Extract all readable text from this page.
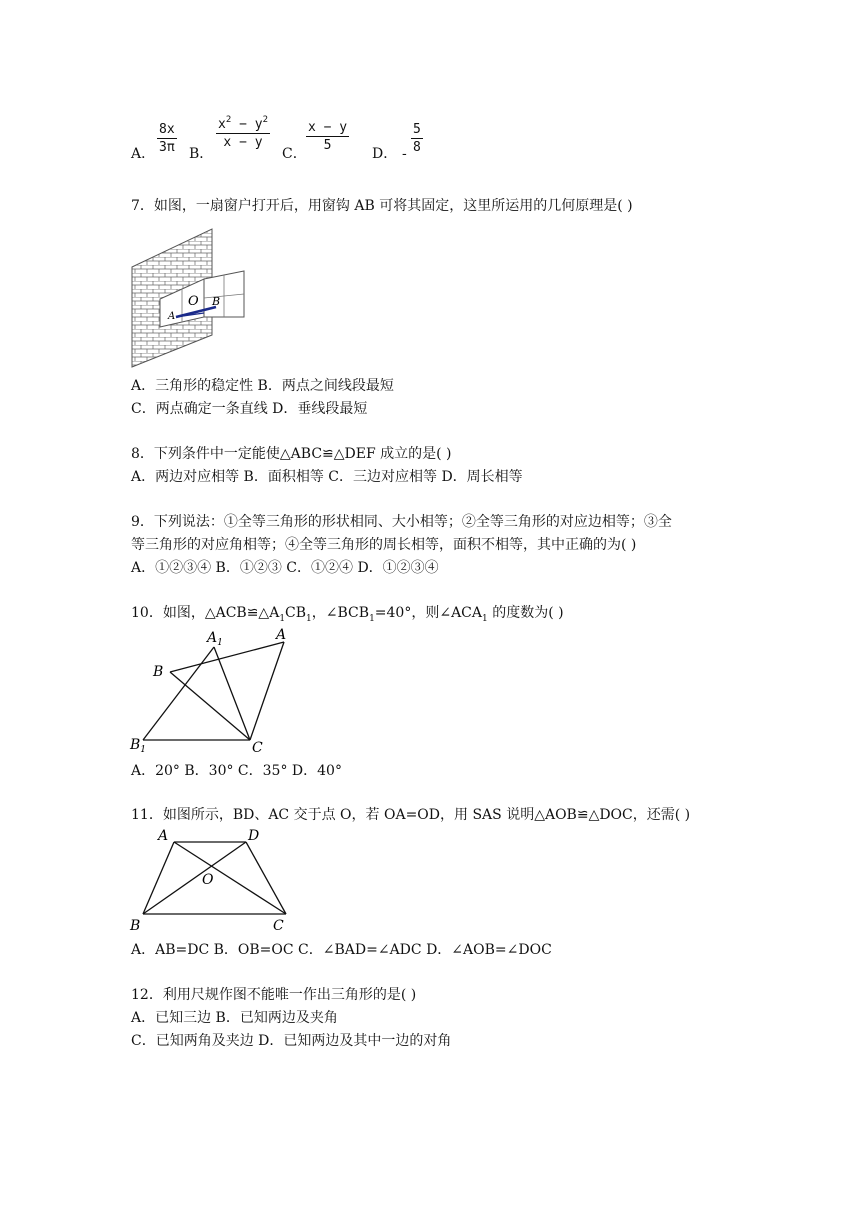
A．
8x
3π B．
$x^2 - y^2$
x − y
C．
x − y
5
D． -
5
8
7．如图，一扇窗户打开后，用窗钩 AB 可将其固定，这里所运用的几何原理是( )
O
A
B
A．三角形的稳定性 B．两点之间线段最短
C．两点确定一条直线 D．垂线段最短
8．下列条件中一定能使△ABC≌△DEF 成立的是( )
A．两边对应相等 B．面积相等 C．三边对应相等 D．周长相等
9．下列说法：①全等三角形的形状相同、大小相等；②全等三角形的对应边相等；③全
等三角形的对应角相等；④全等三角形的周长相等，面积不相等，其中正确的为( )
A．①②③④ B．①②③ C．①②④ D．①②③④
10．如图，$\triangle ACB≌\triangle A_1CB_1$，$\angle BCB_1=40^\circ$，则$\angle ACA_1$ 的度数为( )
$A_1$	A
B
$B_1$	C
A．20° B．30° C．35° D．40°
11．如图所示，BD、AC 交于点 O，若 OA=OD，用 SAS 说明△AOB≌△DOC，还需( )
A	D
O
B	C
A．AB=DC B．OB=OC C．∠BAD=∠ADC D．∠AOB=∠DOC
12．利用尺规作图不能唯一作出三角形的是( )
A．已知三边 B．已知两边及夹角
C．已知两角及夹边 D．已知两边及其中一边的对角
